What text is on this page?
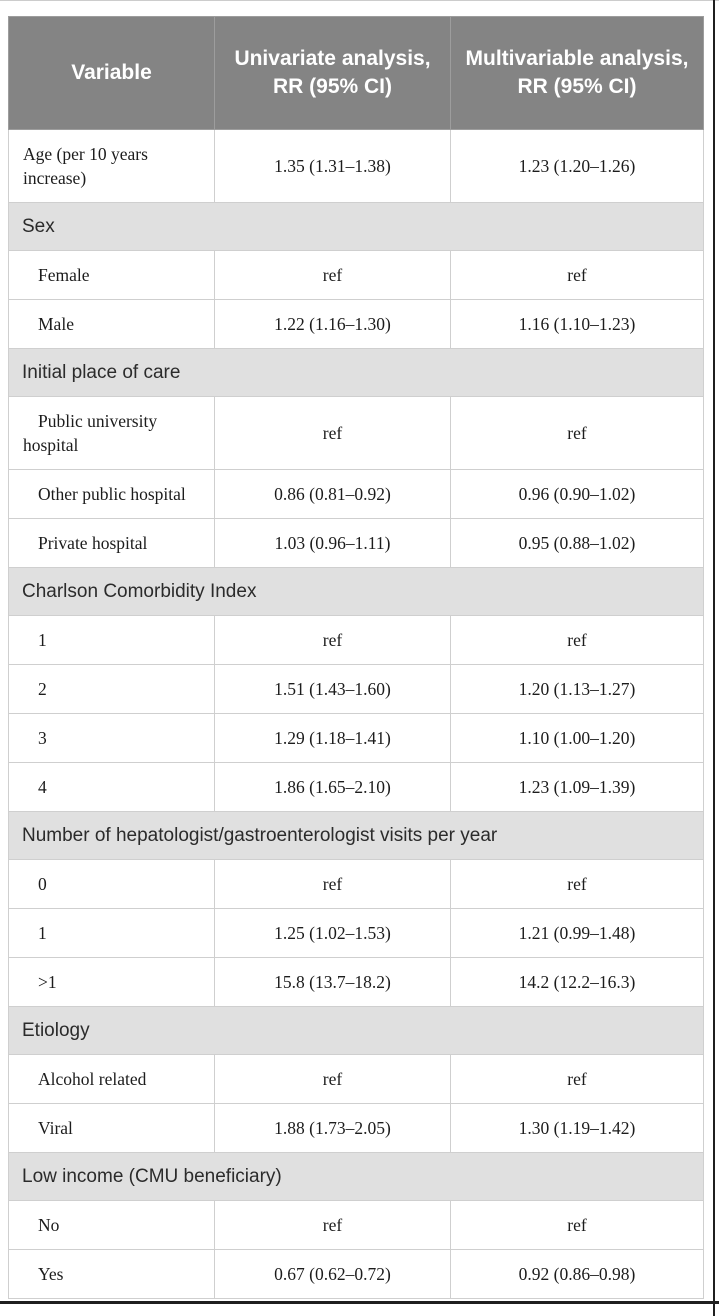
Variable	Univariate analysis, RR (95% CI)	Multivariable analysis, RR (95% CI)
Age (per 10 years increase)	1.35 (1.31–1.38)	1.23 (1.20–1.26)
Sex		
Female	ref	ref
Male	1.22 (1.16–1.30)	1.16 (1.10–1.23)
Initial place of care		
Public university hospital	ref	ref
Other public hospital	0.86 (0.81–0.92)	0.96 (0.90–1.02)
Private hospital	1.03 (0.96–1.11)	0.95 (0.88–1.02)
Charlson Comorbidity Index		
1	ref	ref
2	1.51 (1.43–1.60)	1.20 (1.13–1.27)
3	1.29 (1.18–1.41)	1.10 (1.00–1.20)
4	1.86 (1.65–2.10)	1.23 (1.09–1.39)
Number of hepatologist/gastroenterologist visits per year		
0	ref	ref
1	1.25 (1.02–1.53)	1.21 (0.99–1.48)
>1	15.8 (13.7–18.2)	14.2 (12.2–16.3)
Etiology		
Alcohol related	ref	ref
Viral	1.88 (1.73–2.05)	1.30 (1.19–1.42)
Low income (CMU beneficiary)		
No	ref	ref
Yes	0.67 (0.62–0.72)	0.92 (0.86–0.98)
